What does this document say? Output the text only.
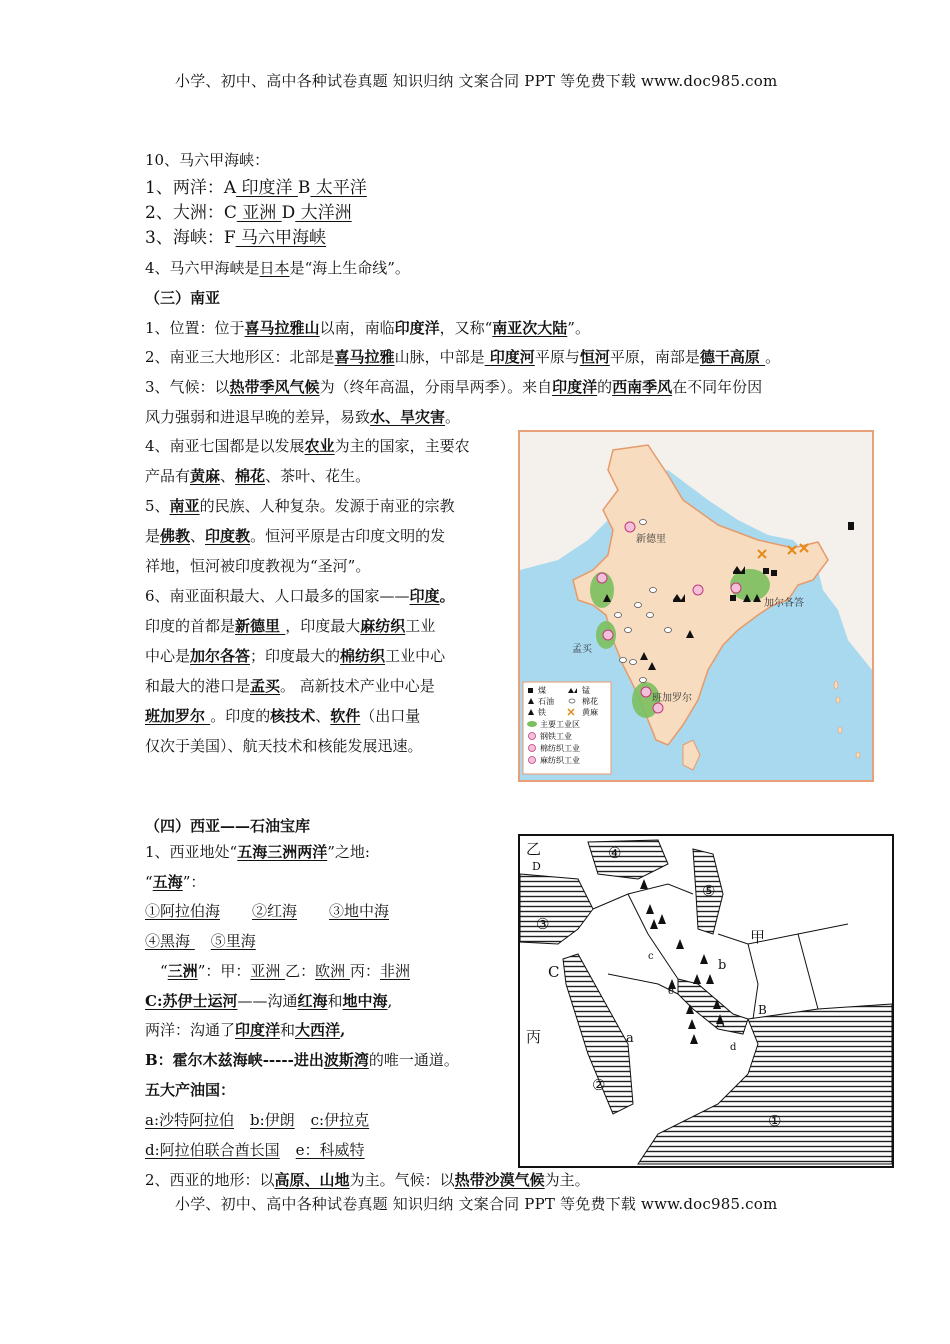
小学、初中、高中各种试卷真题 知识归纳 文案合同 PPT 等免费下载 www.doc985.com
10、马六甲海峡：
1、两洋：A 印度洋 B 太平洋
2、大洲：C 亚洲 D 大洋洲
3、海峡：F 马六甲海峡
4、马六甲海峡是日本是“海上生命线”。
（三）南亚
1、位置：位于喜马拉雅山以南，南临印度洋，又称“南亚次大陆”。
2、南亚三大地形区：北部是喜马拉雅山脉，中部是 印度河平原与恒河平原，南部是德干高原 。
3、气候：以热带季风气候为（终年高温，分雨旱两季）。来自印度洋的西南季风在不同年份因
风力强弱和进退早晚的差异，易致水、旱灾害。
4、南亚七国都是以发展农业为主的国家，主要农
产品有黄麻、棉花、茶叶、花生。
5、南亚的民族、人种复杂。发源于南亚的宗教
是佛教、印度教。恒河平原是古印度文明的发
祥地，恒河被印度教视为“圣河”。
6、南亚面积最大、人口最多的国家——印度。
印度的首都是新德里 ，印度最大麻纺织工业
中心是加尔各答；印度最大的棉纺织工业中心
和最大的港口是孟买。 高新技术产业中心是
班加罗尔 。印度的核技术、软件（出口量
仅次于美国）、航天技术和核能发展迅速。
新德里
加尔各答
孟买
班加罗尔
煤	锰
石油	棉花
铁	黄麻
主要工业区
钢铁工业
棉纺织工业
麻纺织工业
（四）西亚——石油宝库
1、西亚地处“五海三洲两洋”之地:
“五海”：
①阿拉伯海 ②红海 ③地中海
④黑海 ⑤里海
“三洲”：甲：亚洲 乙：欧洲 丙：非洲
C:苏伊士运河——沟通红海和地中海,
两洋：沟通了印度洋和大西洋,
B：霍尔木兹海峡-----进出波斯湾的唯一通道。
五大产油国：
a:沙特阿拉伯 b:伊朗 c:伊拉克
d:阿拉伯联合酋长国 e：科威特
2、西亚的地形：以高原、山地为主。气候：以热带沙漠气候为主。
乙
D
④
⑤
③
甲
c
b
C
e
B
A
丙	a
d
②
①
小学、初中、高中各种试卷真题 知识归纳 文案合同 PPT 等免费下载 www.doc985.com
